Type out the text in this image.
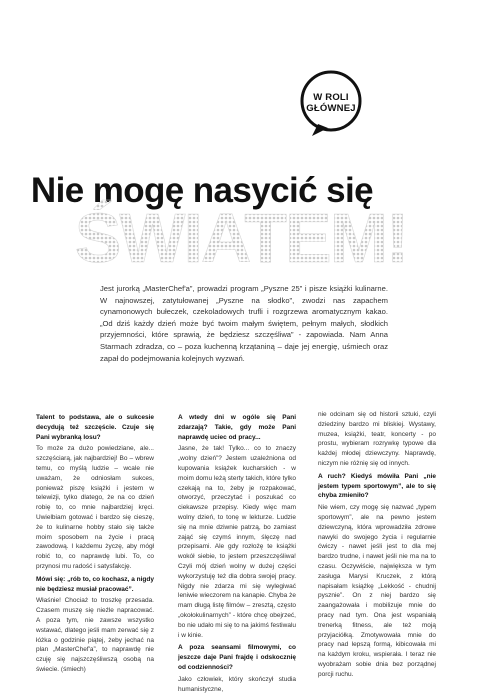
W ROLI
GŁÓWNEJ
Nie mogę nasycić się
ŚWIATEM!
Jest jurorką „MasterChef'a”, prowadzi program „Pyszne 25” i pisze książki kulinarne. W najnowszej, zatytułowanej „Pyszne na słodko”, zwodzi nas zapachem cynamonowych bułeczek, czekoladowych trufli i rozgrzewa aromatycznym kakao. „Od dziś każdy dzień może być twoim małym świętem, pełnym małych, słodkich przyjemności, które sprawią, że będziesz szczęśliwa” - zapowiada. Nam Anna Starmach zdradza, co – poza kuchenną krzątaniną – daje jej energię, uśmiech oraz zapał do podejmowania kolejnych wyzwań.

Talent to podstawa, ale o sukcesie decydują też szczęście. Czuje się Pani wybranką losu?

To może za dużo powiedziane, ale... szczęściarą, jak najbardziej! Bo – wbrew temu, co myślą ludzie – wcale nie uważam, że odniosłam sukces, ponieważ piszę książki i jestem w telewizji, tylko dlatego, że na co dzień robię to, co mnie najbardziej kręci. Uwielbiam gotować i bardzo się cieszę, że to kulinarne hobby stało się także moim sposobem na życie i pracą zawodową. I każdemu życzę, aby mógł robić to, co naprawdę lubi. To, co przynosi mu radość i satysfakcję.

Mówi się: „rób to, co kochasz, a nigdy nie będziesz musiał pracować”.

Właśnie! Chociaż to troszkę przesada. Czasem muszę się nieźle napracować. A poza tym, nie zawsze wszystko wstawać, dlatego jeśli mam zerwać się z łóżka o godzinie piątej, żeby jechać na plan „MasterChef'a”, to naprawdę nie czuję się najszczęśliwszą osobą na świecie. (śmiech)

A wtedy dni w ogóle się Pani zdarzają? Takie, gdy może Pani naprawdę uciec od pracy...

Jasne, że tak! Tylko... co to znaczy „wolny dzień”? Jestem uzależniona od kupowania książek kucharskich - w moim domu leżą sterty takich, które tylko czekają na to, żeby je rozpakować, otworzyć, przeczytać i poszukać co ciekawsze przepisy. Kiedy więc mam wolny dzień, to tonę w lekturze. Ludzie się na mnie dziwnie patrzą, bo zamiast zająć się czymś innym, ślęczę nad przepisami. Ale gdy rozłożę te książki wokół siebie, to jestem przeszczęśliwa! Czyli mój dzień wolny w dużej części wykorzystuję też dla dobra swojej pracy. Nigdy nie zdarza mi się wylegiwać leniwie wieczorem na kanapie. Chyba że mam długą listę filmów – zresztą, często „okołokulinarnych” - które chcę obejrzeć, bo nie udało mi się to na jakimś festiwalu i w kinie.

A poza seansami filmowymi, co jeszcze daje Pani frajdę i odskocznię od codzienności?

Jako człowiek, który skończył studia humanistyczne,

nie odcinam się od historii sztuki, czyli dziedziny bardzo mi bliskiej. Wystawy, muzea, książki, teatr, koncerty - po prostu, wybieram rozrywkę typowe dla każdej młodej dziewczyny. Naprawdę, niczym nie różnię się od innych.

A ruch? Kiedyś mówiła Pani „nie jestem typem sportowym”, ale to się chyba zmieniło?

Nie wiem, czy mogę się nazwać „typem sportowym”, ale na pewno jestem dziewczyną, która wprowadziła zdrowe nawyki do swojego życia i regularnie ćwiczy - nawet jeśli jest to dla mej bardzo trudne, i nawet jeśli nie ma na to czasu. Oczywiście, największa w tym zasługa Marysi Kruczek, z którą napisałam książkę „Lekkość - chudnij pysznie”. On z niej bardzo się zaangażowała i mobilizuje mnie do pracy nad tym. Ona jest wspaniałą trenerką fitness, ale też moją przyjaciółką. Zmotywowała mnie do pracy nad lepszą formą, kibicowała mi na każdym kroku, wspierała. I teraz nie wyobrażam sobie dnia bez porządnej porcji ruchu.
